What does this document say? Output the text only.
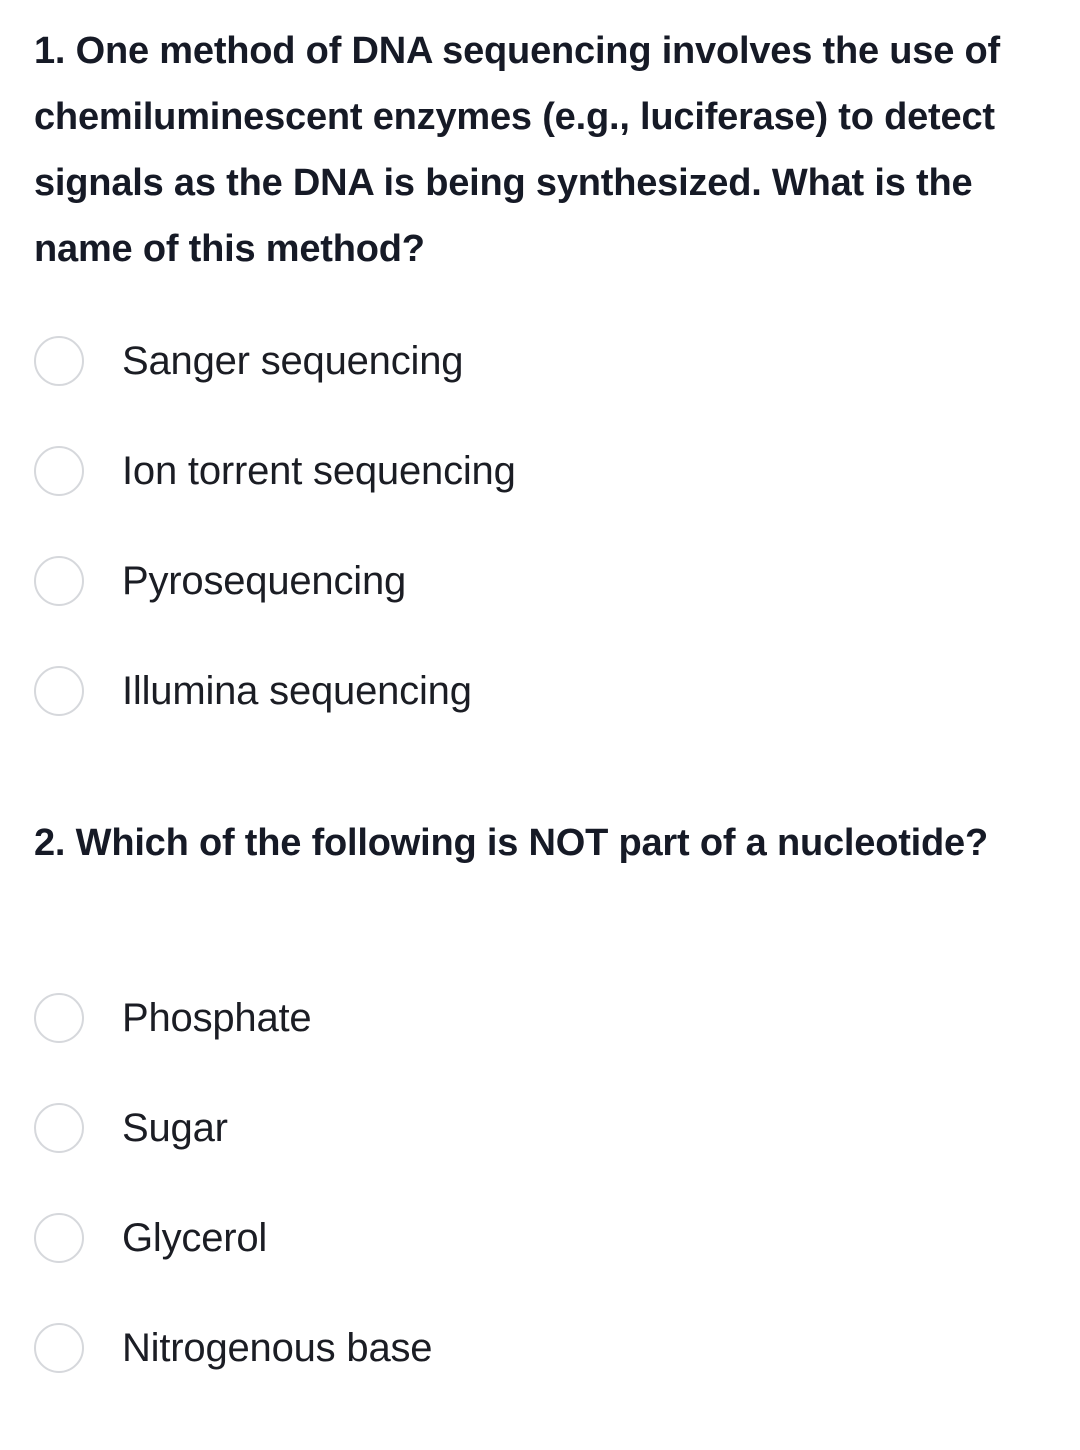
1. One method of DNA sequencing involves the use of chemiluminescent enzymes (e.g., luciferase) to detect signals as the DNA is being synthesized. What is the name of this method?

Sanger sequencing
Ion torrent sequencing
Pyrosequencing
Illumina sequencing

2. Which of the following is NOT part of a nucleotide?

Phosphate
Sugar
Glycerol
Nitrogenous base
